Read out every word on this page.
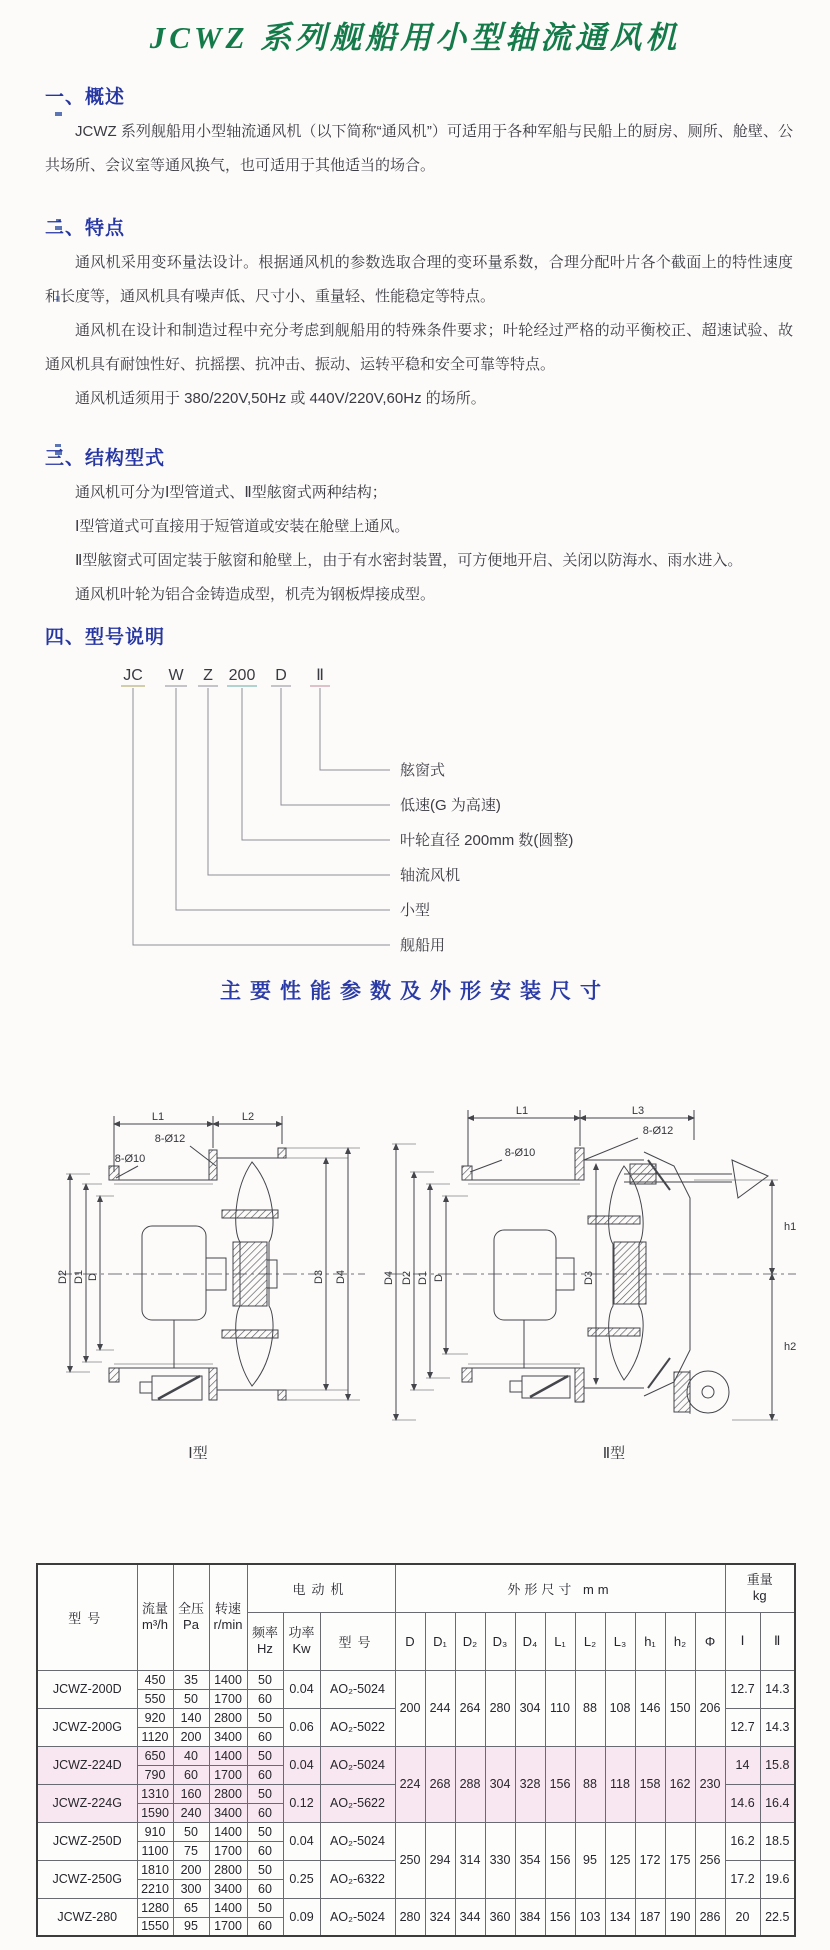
JCWZ 系列舰船用小型轴流通风机
一、概述

JCWZ 系列舰船用小型轴流通风机（以下简称“通风机”）可适用于各种军船与民船上的厨房、厕所、舱壁、公共场所、会议室等通风换气，也可适用于其他适当的场合。

二、特点

通风机采用变环量法设计。根据通风机的参数选取合理的变环量系数，合理分配叶片各个截面上的特性速度和长度等，通风机具有噪声低、尺寸小、重量轻、性能稳定等特点。

通风机在设计和制造过程中充分考虑到舰船用的特殊条件要求；叶轮经过严格的动平衡校正、超速试验、故通风机具有耐蚀性好、抗摇摆、抗冲击、振动、运转平稳和安全可靠等特点。

通风机适须用于 380/220V,50Hz 或 440V/220V,60Hz 的场所。

三、结构型式

通风机可分为Ⅰ型管道式、Ⅱ型舷窗式两种结构；

Ⅰ型管道式可直接用于短管道或安装在舱壁上通风。

Ⅱ型舷窗式可固定装于舷窗和舱壁上，由于有水密封装置，可方便地开启、关闭以防海水、雨水进入。

通风机叶轮为铝合金铸造成型，机壳为钢板焊接成型。

四、型号说明
JC W Z 200 D Ⅱ
舷窗式
低速(G 为高速)
叶轮直径 200mm 数(圆整)
轴流风机
小型
舰船用
主要性能参数及外形安装尺寸
L1	L2
8-Ø12
8-Ø10
D2 D1 D	D3 D4
Ⅰ型
L1	L3
8-Ø12
8-Ø10
D4 D2 D1 D	D3
h1
h2
Ⅱ型
型号	流量
m³/h	全压
Pa	转速
r/min	电动机			外形尺寸 mm											重量
kg	

				频率
Hz	功率
Kw	型号	D	D₁	D₂	D₃	D₄	L₁	L₂	L₃	h₁	h₂	Φ	Ⅰ	Ⅱ
JCWZ-200D	450	35	1400	50	0.04	AO₂-5024	200	244	264	280	304	110	88	108	146	150	206	12.7	14.3
	550	50	1700	60															
JCWZ-200G	920	140	2800	50	0.06	AO₂-5022												12.7	14.3
	1120	200	3400	60															
JCWZ-224D	650	40	1400	50	0.04	AO₂-5024	224	268	288	304	328	156	88	118	158	162	230	14	15.8
	790	60	1700	60															
JCWZ-224G	1310	160	2800	50	0.12	AO₂-5622												14.6	16.4
	1590	240	3400	60															
JCWZ-250D	910	50	1400	50	0.04	AO₂-5024	250	294	314	330	354	156	95	125	172	175	256	16.2	18.5
	1100	75	1700	60															
JCWZ-250G	1810	200	2800	50	0.25	AO₂-6322												17.2	19.6
	2210	300	3400	60															
JCWZ-280	1280	65	1400	50	0.09	AO₂-5024	280	324	344	360	384	156	103	134	187	190	286	20	22.5
	1550	95	1700	60															
